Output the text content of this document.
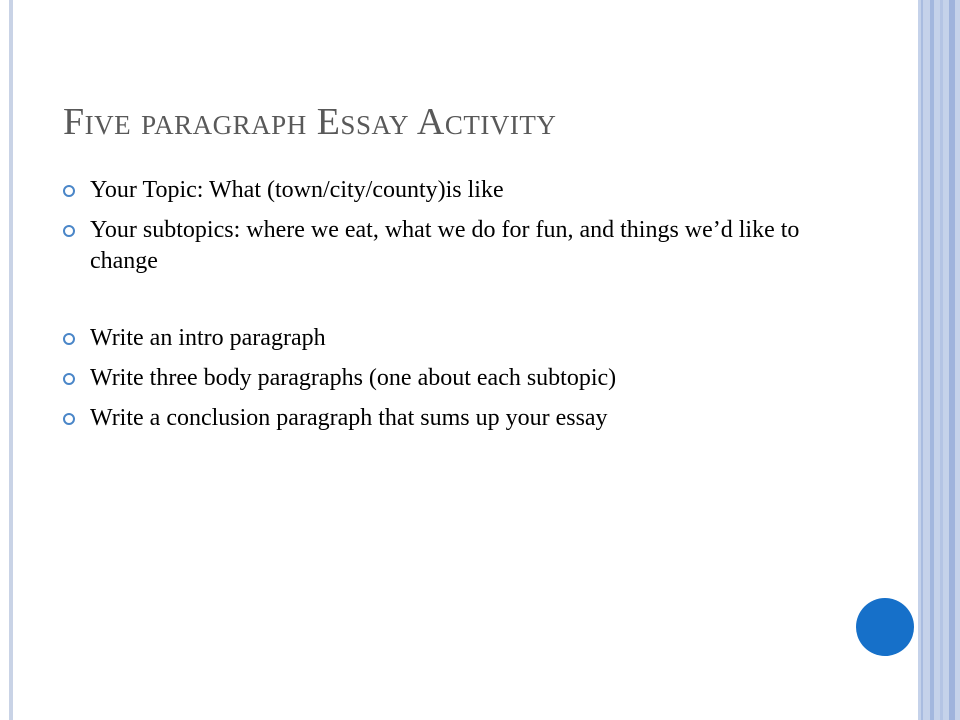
FIVE PARAGRAPH ESSAY ACTIVITY
Your Topic: What (town/city/county)is like
Your subtopics: where we eat, what we do for fun, and things we’d like to change
Write an intro paragraph
Write three body paragraphs (one about each subtopic)
Write a conclusion paragraph that sums up your essay
